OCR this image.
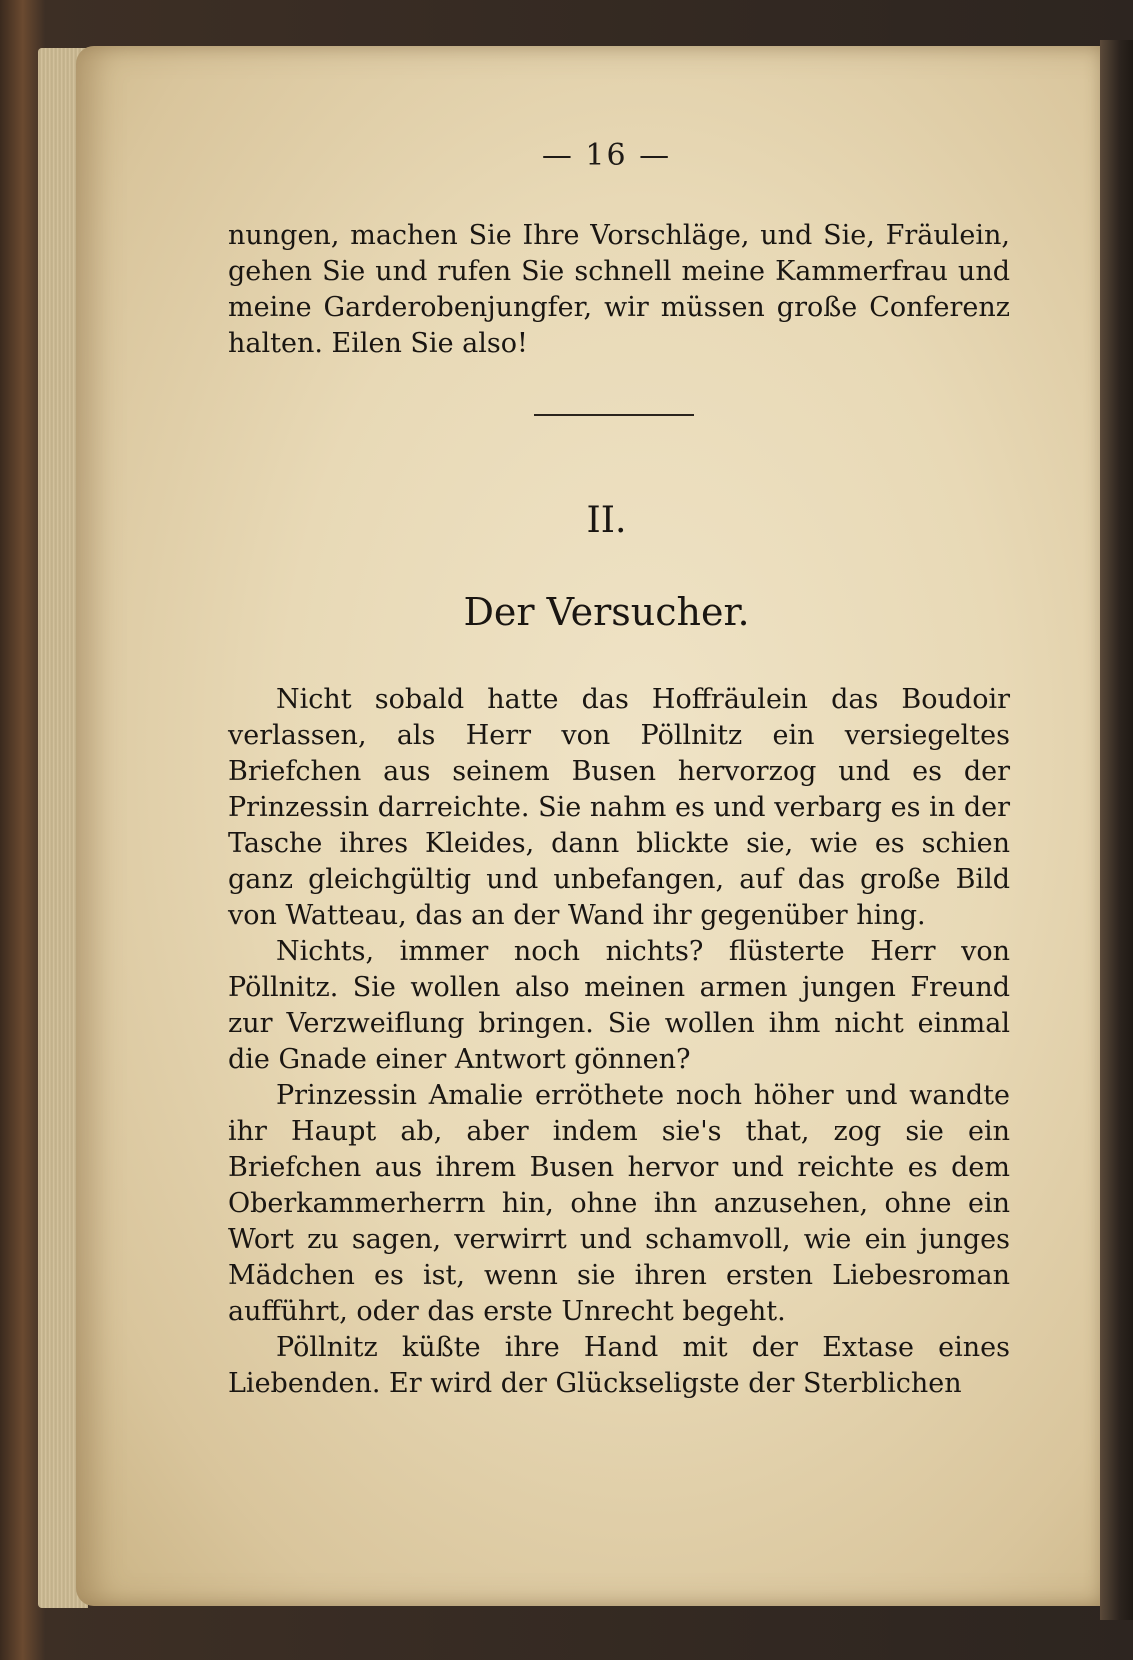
— 16 —

nungen, machen Sie Ihre Vorschläge, und Sie, Fräulein, gehen Sie und rufen Sie schnell meine Kammerfrau und meine Garderobenjungfer, wir müssen große Conferenz halten. Eilen Sie also!

II.
Der Versucher.

Nicht sobald hatte das Hoffräulein das Boudoir verlassen, als Herr von Pöllnitz ein versiegeltes Briefchen aus seinem Busen hervorzog und es der Prinzessin darreichte. Sie nahm es und verbarg es in der Tasche ihres Kleides, dann blickte sie, wie es schien ganz gleichgültig und unbefangen, auf das große Bild von Watteau, das an der Wand ihr gegenüber hing.

Nichts, immer noch nichts? flüsterte Herr von Pöllnitz. Sie wollen also meinen armen jungen Freund zur Verzweiflung bringen. Sie wollen ihm nicht einmal die Gnade einer Antwort gönnen?

Prinzessin Amalie erröthete noch höher und wandte ihr Haupt ab, aber indem sie's that, zog sie ein Briefchen aus ihrem Busen hervor und reichte es dem Oberkammerherrn hin, ohne ihn anzusehen, ohne ein Wort zu sagen, verwirrt und schamvoll, wie ein junges Mädchen es ist, wenn sie ihren ersten Liebesroman aufführt, oder das erste Unrecht begeht.

Pöllnitz küßte ihre Hand mit der Extase eines Liebenden. Er wird der Glückseligste der Sterblichen
